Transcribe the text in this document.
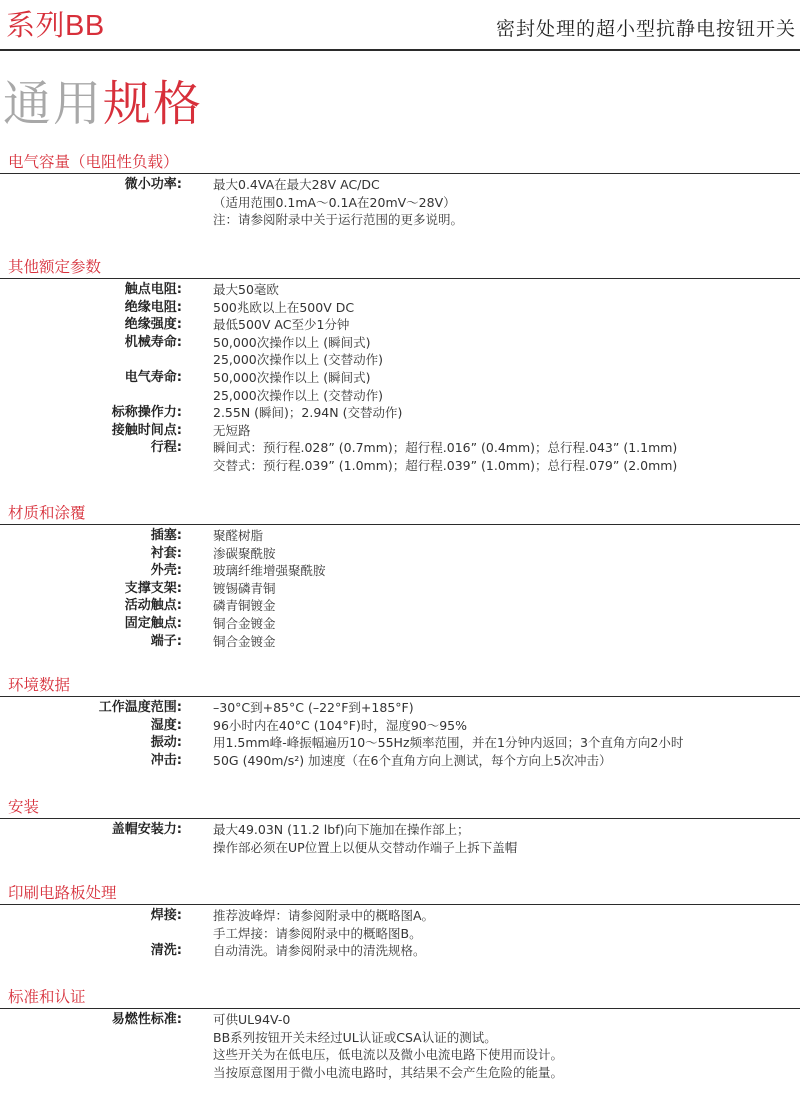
系列BB	密封处理的超小型抗静电按钮开关
通用规格
电气容量（电阻性负载）
微小功率: 最大0.4VA在最大28V AC/DC
（适用范围0.1mA～0.1A在20mV～28V）
注：请参阅附录中关于运行范围的更多说明。
其他额定参数
触点电阻: 最大50毫欧
绝缘电阻: 500兆欧以上在500V DC
绝缘强度: 最低500V AC至少1分钟
机械寿命: 50,000次操作以上 (瞬间式)
25,000次操作以上 (交替动作)
电气寿命: 50,000次操作以上 (瞬间式)
25,000次操作以上 (交替动作)
标称操作力: 2.55N (瞬间)；2.94N (交替动作)
接触时间点: 无短路
行程: 瞬间式：预行程.028” (0.7mm)；超行程.016” (0.4mm)；总行程.043” (1.1mm)
交替式：预行程.039” (1.0mm)；超行程.039” (1.0mm)；总行程.079” (2.0mm)
材质和涂覆
插塞: 聚醛树脂
衬套: 渗碳聚酰胺
外壳: 玻璃纤维增强聚酰胺
支撑支架: 镀锡磷青铜
活动触点: 磷青铜镀金
固定触点: 铜合金镀金
端子: 铜合金镀金
环境数据
工作温度范围: –30°C到+85°C (–22°F到+185°F)
湿度: 96小时内在40°C (104°F)时，湿度90～95%
振动: 用1.5mm峰-峰振幅遍历10～55Hz频率范围，并在1分钟内返回；3个直角方向2小时
冲击: 50G (490m/s²) 加速度（在6个直角方向上测试，每个方向上5次冲击）
安装
盖帽安装力: 最大49.03N (11.2 lbf)向下施加在操作部上；
操作部必须在UP位置上以便从交替动作端子上拆下盖帽
印刷电路板处理
焊接: 推荐波峰焊：请参阅附录中的概略图A。
手工焊接：请参阅附录中的概略图B。
清洗: 自动清洗。请参阅附录中的清洗规格。
标准和认证
易燃性标准: 可供UL94V-0
BB系列按钮开关未经过UL认证或CSA认证的测试。
这些开关为在低电压，低电流以及微小电流电路下使用而设计。
当按原意图用于微小电流电路时，其结果不会产生危险的能量。
